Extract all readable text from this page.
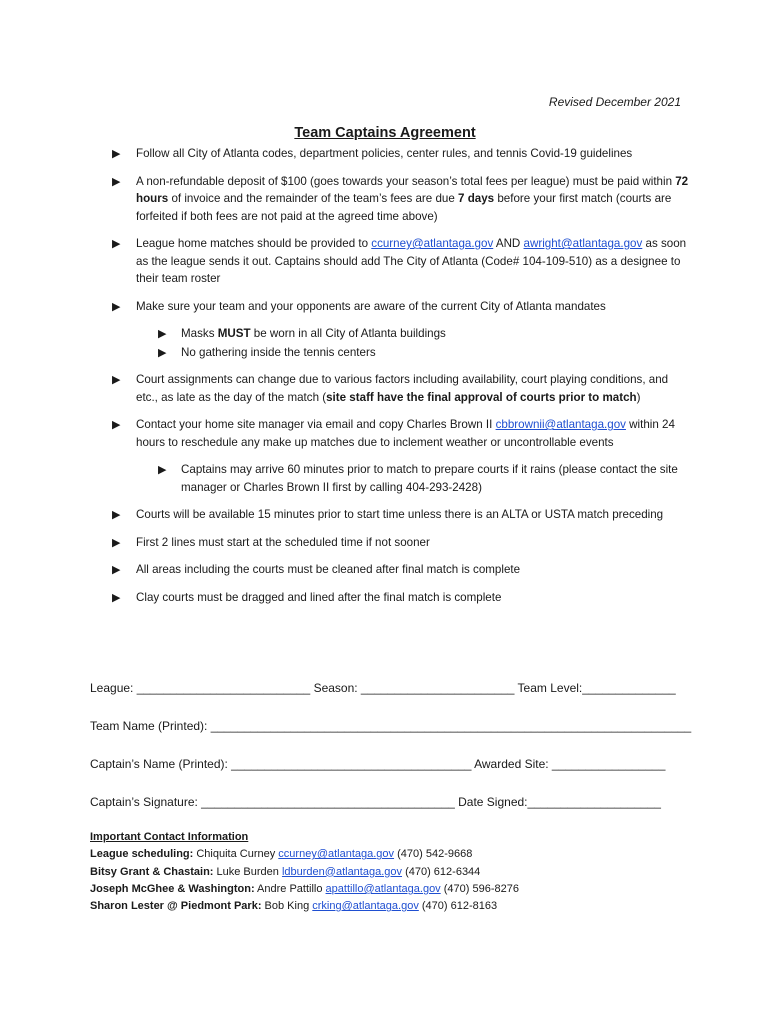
Revised December 2021
Team Captains Agreement
▶ Follow all City of Atlanta codes, department policies, center rules, and tennis Covid-19 guidelines
▶ A non-refundable deposit of $100 (goes towards your season’s total fees per league) must be paid within 72 hours of invoice and the remainder of the team’s fees are due 7 days before your first match (courts are forfeited if both fees are not paid at the agreed time above)
▶ League home matches should be provided to ccurney@atlantaga.gov AND awright@atlantaga.gov as soon as the league sends it out. Captains should add The City of Atlanta (Code# 104-109-510) as a designee to their team roster
▶ Make sure your team and your opponents are aware of the current City of Atlanta mandates
▶ Masks MUST be worn in all City of Atlanta buildings
▶ No gathering inside the tennis centers
▶ Court assignments can change due to various factors including availability, court playing conditions, and etc., as late as the day of the match (site staff have the final approval of courts prior to match)
▶ Contact your home site manager via email and copy Charles Brown II cbbrownii@atlantaga.gov within 24 hours to reschedule any make up matches due to inclement weather or uncontrollable events
▶ Captains may arrive 60 minutes prior to match to prepare courts if it rains (please contact the site manager or Charles Brown II first by calling 404-293-2428)
▶ Courts will be available 15 minutes prior to start time unless there is an ALTA or USTA match preceding
▶ First 2 lines must start at the scheduled time if not sooner
▶ All areas including the courts must be cleaned after final match is complete
▶ Clay courts must be dragged and lined after the final match is complete
League: __________________________ Season: _______________________ Team Level:______________
Team Name (Printed): ________________________________________________________________________
Captain’s Name (Printed): ____________________________________ Awarded Site: _________________
Captain’s Signature: ______________________________________ Date Signed:____________________
Important Contact Information
League scheduling: Chiquita Curney ccurney@atlantaga.gov (470) 542-9668
Bitsy Grant & Chastain: Luke Burden ldburden@atlantaga.gov (470) 612-6344
Joseph McGhee & Washington: Andre Pattillo apattillo@atlantaga.gov (470) 596-8276
Sharon Lester @ Piedmont Park: Bob King crking@atlantaga.gov (470) 612-8163
